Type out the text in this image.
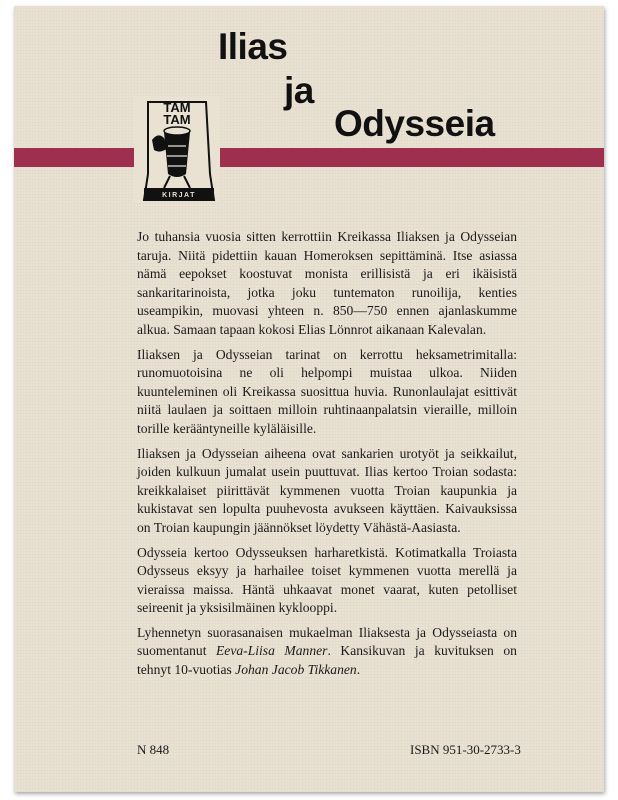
Ilias
ja
Odysseia
KIRJAT
TAM
TAM

Jo tuhansia vuosia sitten kerrottiin Kreikassa Iliaksen ja Odysseian taruja. Niitä pidettiin kauan Homeroksen sepittäminä. Itse asiassa nämä eepokset koostuvat monista erillisistä ja eri ikäisistä sankaritarinoista, jotka joku tuntematon runoilija, kenties useampikin, muovasi yhteen n. 850—750 ennen ajanlaskumme alkua. Samaan tapaan kokosi Elias Lönnrot aikanaan Kalevalan.

Iliaksen ja Odysseian tarinat on kerrottu heksametrimitalla: runomuotoisina ne oli helpompi muistaa ulkoa. Niiden kuunteleminen oli Kreikassa suosittua huvia. Runonlaulajat esittivät niitä laulaen ja soittaen milloin ruhtinaanpalatsin vieraille, milloin torille kerääntyneille kyläläisille.

Iliaksen ja Odysseian aiheena ovat sankarien urotyöt ja seikkailut, joiden kulkuun jumalat usein puuttuvat. Ilias kertoo Troian sodasta: kreikkalaiset piirittävät kymmenen vuotta Troian kaupunkia ja kukistavat sen lopulta puuhevosta avukseen käyttäen. Kaivauksissa on Troian kaupungin jäännökset löydetty Vähästä-Aasiasta.

Odysseia kertoo Odysseuksen harharetkistä. Kotimatkalla Troiasta Odysseus eksyy ja harhailee toiset kymmenen vuotta merellä ja vieraissa maissa. Häntä uhkaavat monet vaarat, kuten petolliset seireenit ja yksisilmäinen kyklooppi.

Lyhennetyn suorasanaisen mukaelman Iliaksesta ja Odysseiasta on suomentanut Eeva-Liisa Manner. Kansikuvan ja kuvituksen on tehnyt 10-vuotias Johan Jacob Tikkanen.

N 848	ISBN 951-30-2733-3
